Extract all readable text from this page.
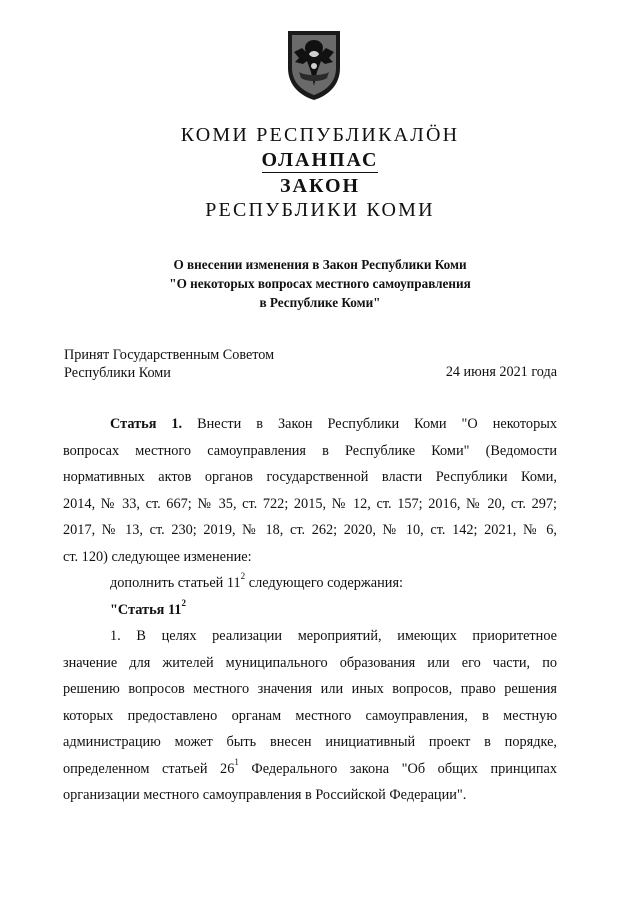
КОМИ РЕСПУБЛИКАЛӦН
ОЛАНПАС
ЗАКОН
РЕСПУБЛИКИ КОМИ
О внесении изменения в Закон Республики Коми
"О некоторых вопросах местного самоуправления
в Республике Коми"
Принят Государственным Советом
Республики Коми	24 июня 2021 года

Статья 1. Внести в Закон Республики Коми "О некоторых

вопросах местного самоуправления в Республике Коми" (Ведомости

нормативных актов органов государственной власти Республики Коми,

2014, № 33, ст. 667; № 35, ст. 722; 2015, № 12, ст. 157; 2016, № 20, ст. 297;

2017, № 13, ст. 230; 2019, № 18, ст. 262; 2020, № 10, ст. 142; 2021, № 6,

ст. 120) следующее изменение:

дополнить статьей $11^2$ следующего содержания:

"Статья $11^2$

1. В целях реализации мероприятий, имеющих приоритетное

значение для жителей муниципального образования или его части, по

решению вопросов местного значения или иных вопросов, право решения

которых предоставлено органам местного самоуправления, в местную

администрацию может быть внесен инициативный проект в порядке,

определенном статьей $26^1$ Федерального закона "Об общих принципах

организации местного самоуправления в Российской Федерации".
